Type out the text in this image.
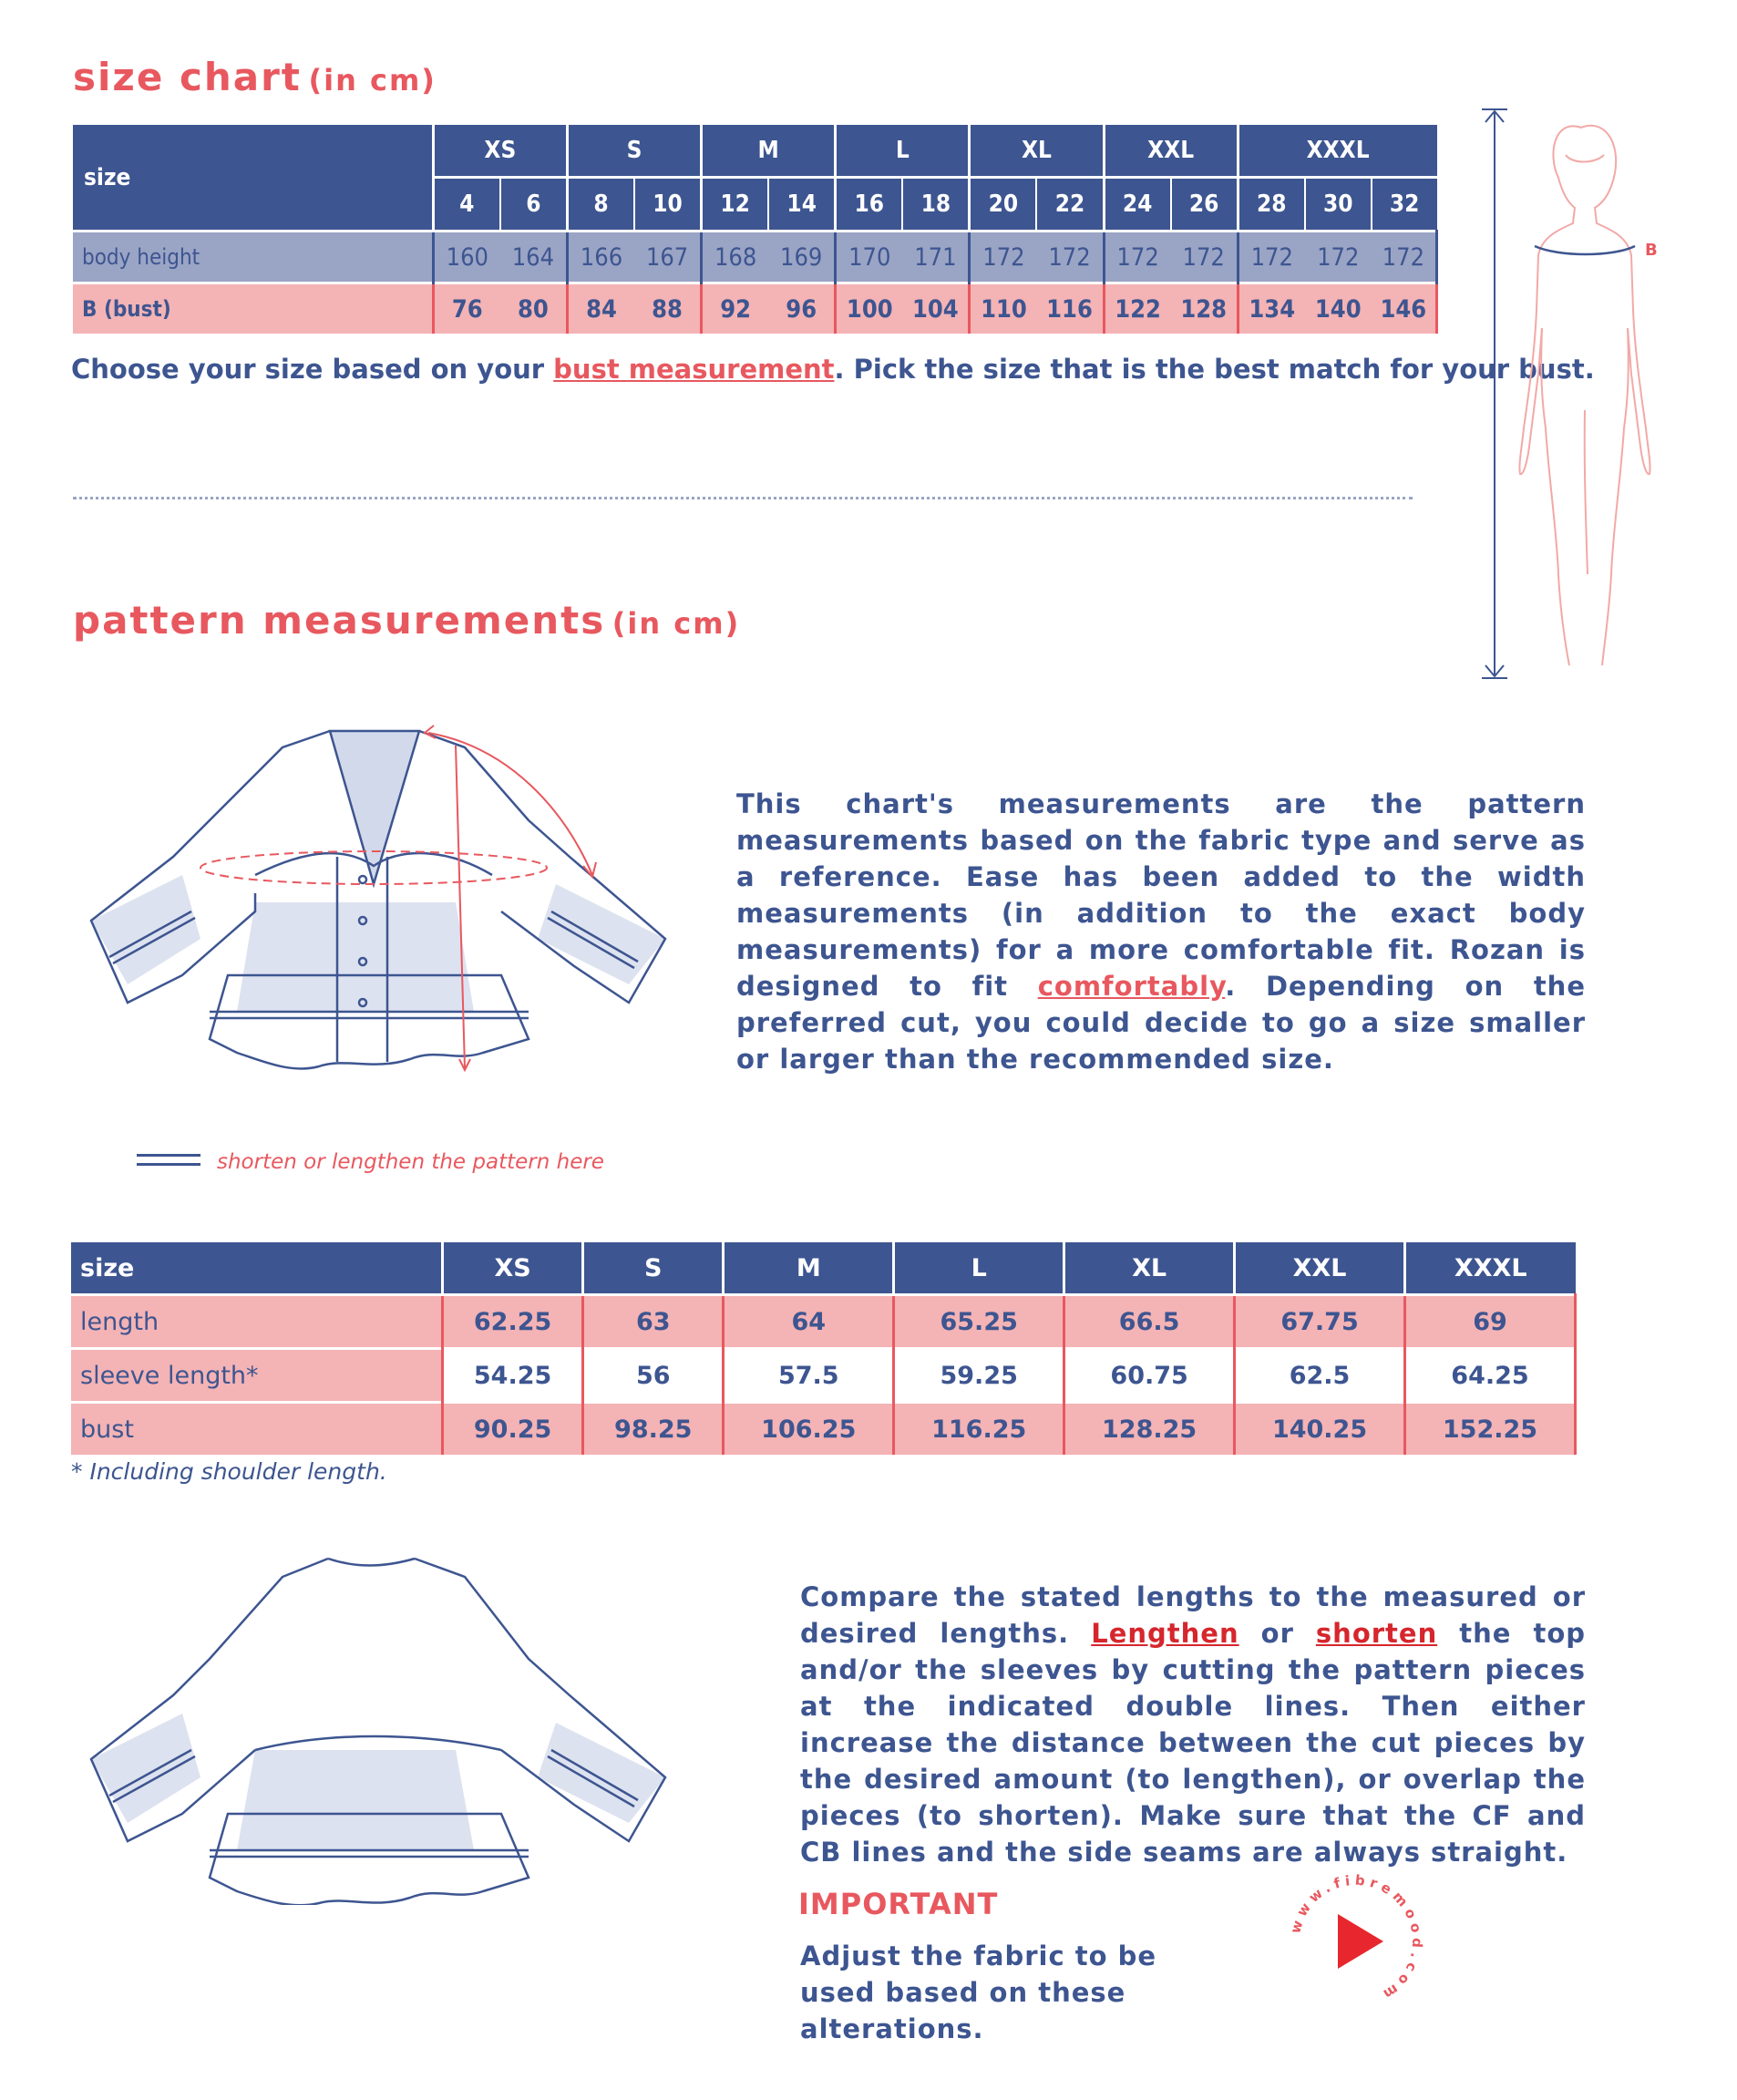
size chart (in cm)
size	XS		S		M		L		XL		XXL		XXXL		
	4	6	8	10	12	14	16	18	20	22	24	26	28	30	32
body height	160	164	166	167	168	169	170	171	172	172	172	172	172	172	172
B (bust)	76	80	84	88	92	96	100	104	110	116	122	128	134	140	146
Choose your size based on your bust measurement. Pick the size that is the best match for your bust.
B
pattern measurements (in cm)
This chart's measurements are the pattern measurements based on the fabric type and serve as a reference. Ease has been added to the width measurements (in addition to the exact body measurements) for a more comfortable fit. Rozan is designed to fit comfortably. Depending on the preferred cut, you could decide to go a size smaller or larger than the recommended size.
shorten or lengthen the pattern here
size	XS	S	M	L	XL	XXL	XXXL
length	62.25	63	64	65.25	66.5	67.75	69
sleeve length*	54.25	56	57.5	59.25	60.75	62.5	64.25
bust	90.25	98.25	106.25	116.25	128.25	140.25	152.25
* Including shoulder length.
Compare the stated lengths to the measured or desired lengths. Lengthen or shorten the top and/or the sleeves by cutting the pattern pieces at the indicated double lines. Then either increase the distance between the cut pieces by the desired amount (to lengthen), or overlap the pieces (to shorten). Make sure that the CF and CB lines and the side seams are always straight.
IMPORTANT
Adjust the fabric to be used based on these alterations.
www.fibremood.com
